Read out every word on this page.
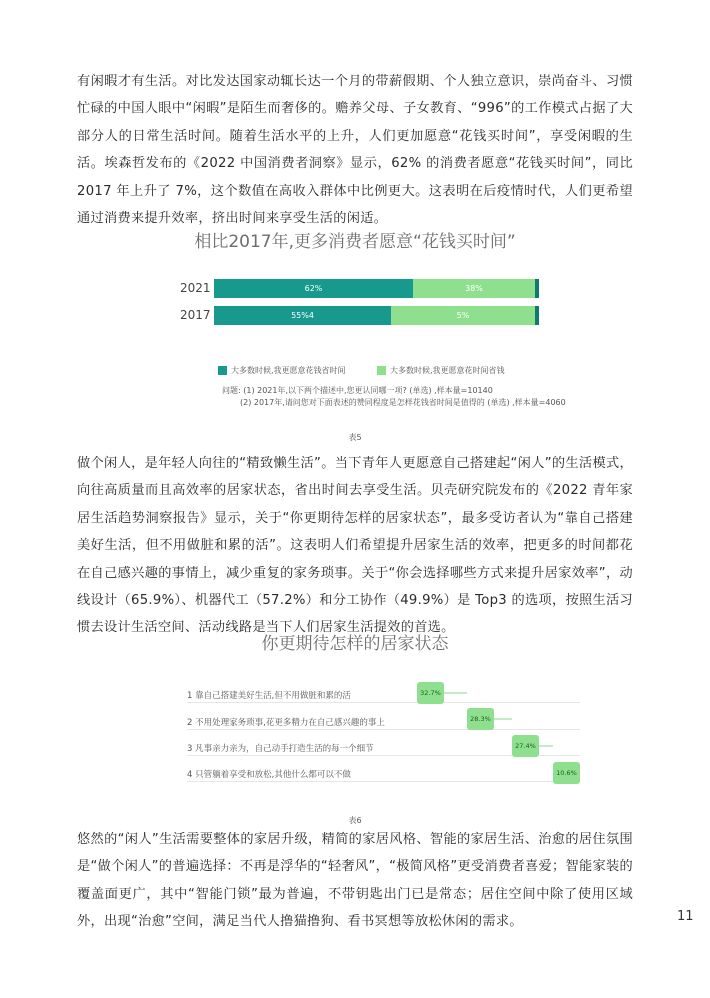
有闲暇才有生活。对比发达国家动辄长达一个月的带薪假期、个人独立意识，崇尚奋斗、习惯忙碌的中国人眼中“闲暇”是陌生而奢侈的。赡养父母、子女教育、“996”的工作模式占据了大部分人的日常生活时间。随着生活水平的上升，人们更加愿意“花钱买时间”，享受闲暇的生活。埃森哲发布的《2022 中国消费者洞察》显示，62% 的消费者愿意“花钱买时间”，同比 2017 年上升了 7%，这个数值在高收入群体中比例更大。这表明在后疫情时代，人们更希望通过消费来提升效率，挤出时间来享受生活的闲适。

相比2017年,更多消费者愿意“花钱买时间”
2021	62%	38%
2017	55%4	5%
大多数时候,我更愿意花钱省时间	大多数时候,我更愿意花时间省钱

问题: (1) 2021年,以下两个描述中,您更认同哪一项? (单选) ,样本量=10140

(2) 2017年,请问您对下面表述的赞同程度是怎样花钱省时间是值得的 (单选) ,样本量=4060

表5

做个闲人，是年轻人向往的“精致懒生活”。当下青年人更愿意自己搭建起“闲人”的生活模式，向往高质量而且高效率的居家状态，省出时间去享受生活。贝壳研究院发布的《2022 青年家居生活趋势洞察报告》显示，关于“你更期待怎样的居家状态”，最多受访者认为“靠自己搭建美好生活，但不用做脏和累的活”。这表明人们希望提升居家生活的效率，把更多的时间都花在自己感兴趣的事情上，减少重复的家务琐事。关于“你会选择哪些方式来提升居家效率”，动线设计（65.9%）、机器代工（57.2%）和分工协作（49.9%）是 Top3 的选项，按照生活习惯去设计生活空间、活动线路是当下人们居家生活提效的首选。

你更期待怎样的居家状态
1 靠自己搭建美好生活,但不用做脏和累的活
2 不用处理家务琐事,花更多精力在自己感兴趣的事上
3 凡事亲力亲为，自己动手打造生活的每一个细节
4 只管躺着享受和放松,其他什么都可以不做
32.7%
28.3%
27.4%
10.6%

表6

悠然的“闲人”生活需要整体的家居升级，精简的家居风格、智能的家居生活、治愈的居住氛围是“做个闲人”的普遍选择：不再是浮华的“轻奢风”，“极简风格”更受消费者喜爱；智能家装的覆盖面更广，其中“智能门锁”最为普遍，不带钥匙出门已是常态；居住空间中除了使用区域外，出现“治愈”空间，满足当代人撸猫撸狗、看书冥想等放松休闲的需求。	11
